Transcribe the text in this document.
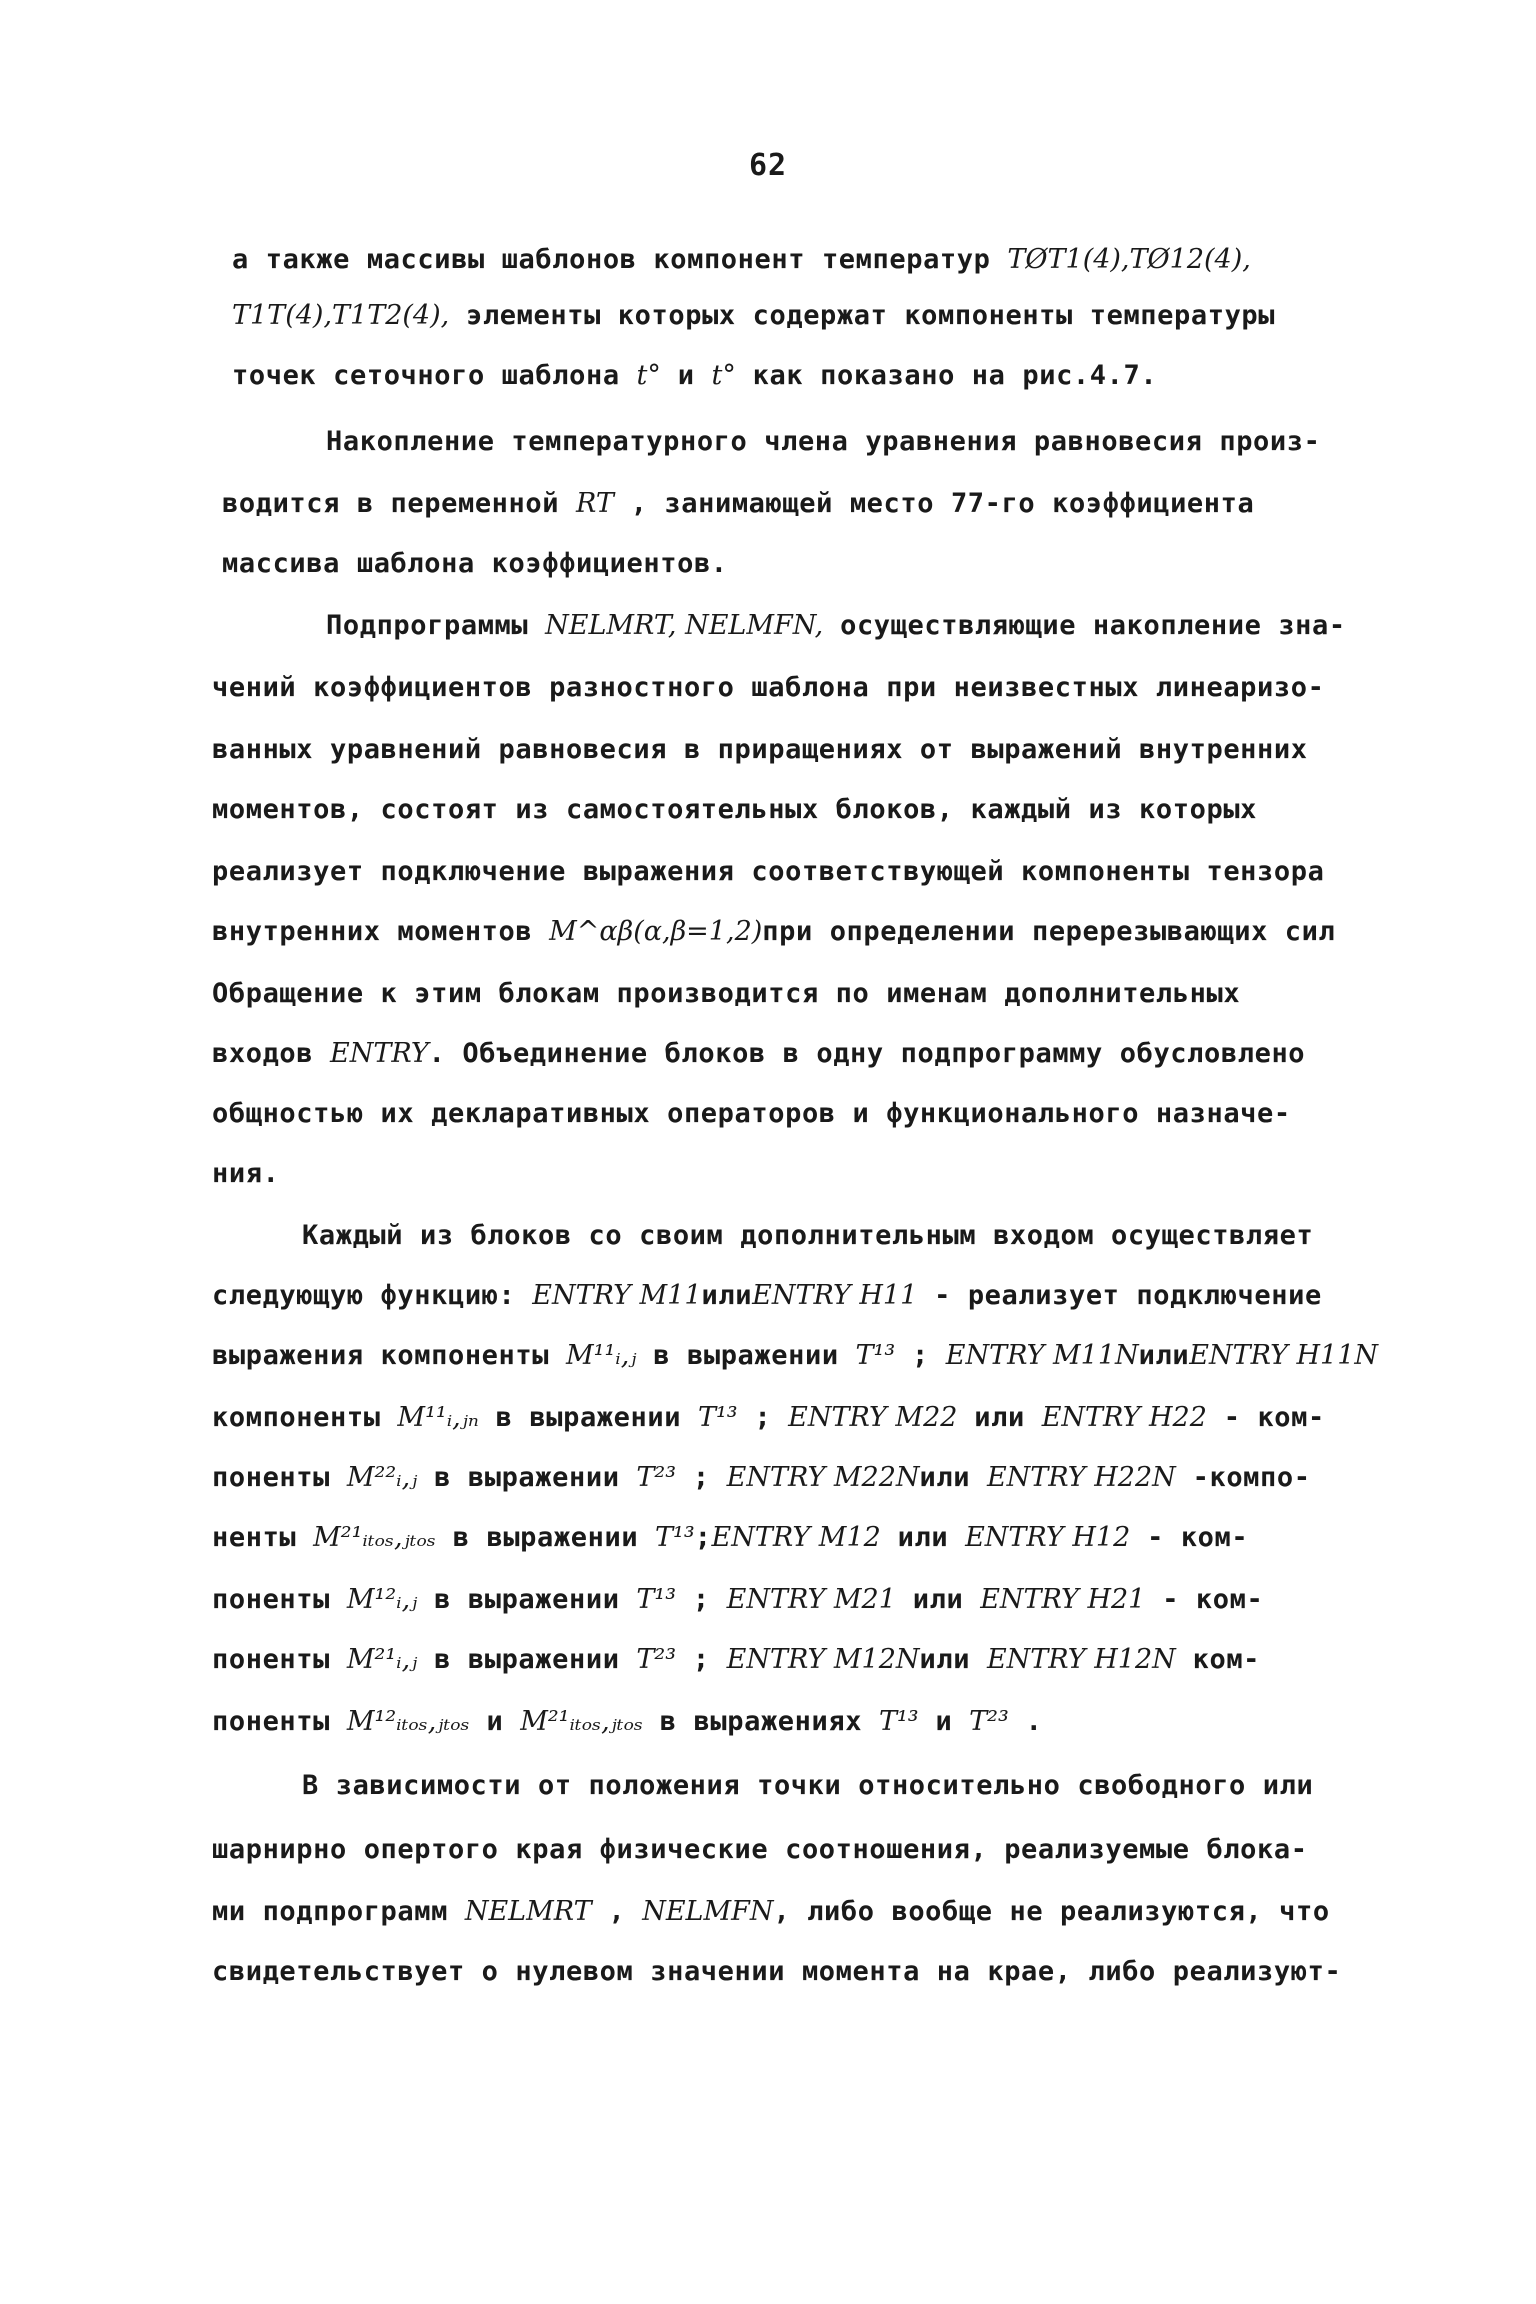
62
а также массивы шаблонов компонент температур TØT1(4),TØ12(4),
T1T(4),T1T2(4), элементы которых содержат компоненты температуры
точек сеточного шаблона t° и t° как показано на рис.4.7.
Накопление температурного члена уравнения равновесия произ-
водится в переменной RT , занимающей место 77-го коэффициента
массива шаблона коэффициентов.
Подпрограммы NELMRT, NELMFN, осуществляющие накопление зна-
чений коэффициентов разностного шаблона при неизвестных линеаризо-
ванных уравнений равновесия в приращениях от выражений внутренних
моментов, состоят из самостоятельных блоков, каждый из которых
реализует подключение выражения соответствующей компоненты тензора
внутренних моментов M^αβ(α,β=1,2)при определении перерезывающих сил
Обращение к этим блокам производится по именам дополнительных
входов ENTRY. Объединение блоков в одну подпрограмму обусловлено
общностью их декларативных операторов и функционального назначе-
ния.
Каждый из блоков со своим дополнительным входом осуществляет
следующую функцию: ENTRY M11илиENTRY H11 - реализует подключение
выражения компоненты M¹¹ᵢ,ⱼ в выражении T¹³ ; ENTRY M11NилиENTRY H11N
компоненты M¹¹ᵢ,ⱼₙ в выражении T¹³ ; ENTRY M22 или ENTRY H22 - ком-
поненты M²²ᵢ,ⱼ в выражении T²³ ; ENTRY M22Nили ENTRY H22N -компо-
ненты M²¹ᵢₜₒₛ,ⱼₜₒₛ в выражении T¹³;ENTRY M12 или ENTRY H12 - ком-
поненты M¹²ᵢ,ⱼ в выражении T¹³ ; ENTRY M21 или ENTRY H21 - ком-
поненты M²¹ᵢ,ⱼ в выражении T²³ ; ENTRY M12Nили ENTRY H12N ком-
поненты M¹²ᵢₜₒₛ,ⱼₜₒₛ и M²¹ᵢₜₒₛ,ⱼₜₒₛ в выражениях T¹³ и T²³ .
В зависимости от положения точки относительно свободного или
шарнирно опертого края физические соотношения, реализуемые блока-
ми подпрограмм NELMRT , NELMFN, либо вообще не реализуются, что
свидетельствует о нулевом значении момента на крае, либо реализуют-
